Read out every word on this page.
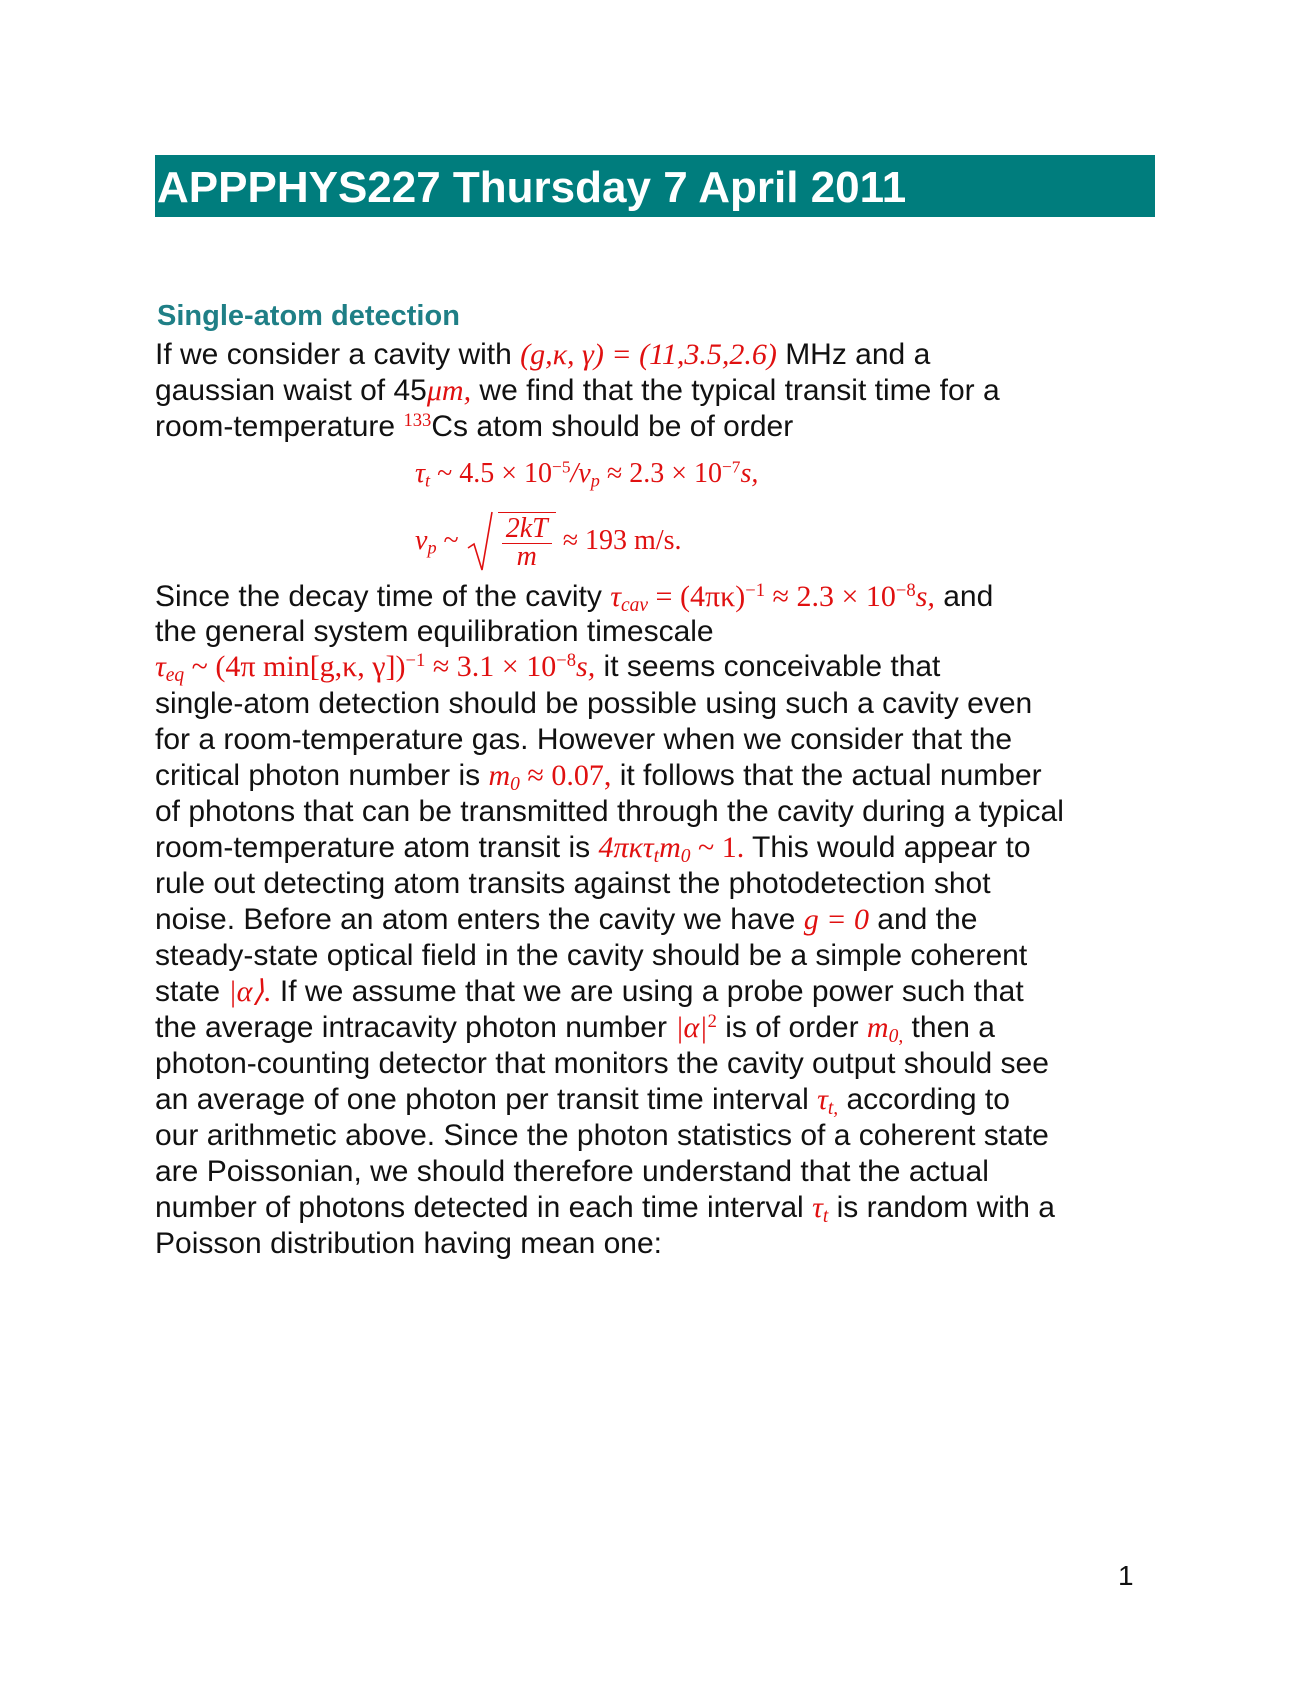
APPPHYS227 Thursday 7 April 2011
Single-atom detection
If we consider a cavity with (g,κ, γ) = (11,3.5,2.6) MHz and a
gaussian waist of 45μm, we find that the typical transit time for a
room-temperature $^{133}$Cs atom should be of order
$\tau_t$ ~ $4.5 \times 10^{-5}/v_p \approx 2.3 \times 10^{-7}s$,
$v_p$ ~ $\frac{2kT}{m} \approx 193$ m/s.
Since the decay time of the cavity $\tau_{cav} = (4\pi\kappa)^{-1} \approx 2.3 \times 10^{-8}s$, and
the general system equilibration timescale
$\tau_{eq}$ ~ (4π min[g,κ, $\gamma])^{-1} \approx 3.1 \times 10^{-8}s$, it seems conceivable that
single-atom detection should be possible using such a cavity even
for a room-temperature gas. However when we consider that the
critical photon number is $m_0 \approx 0.07$, it follows that the actual number
of photons that can be transmitted through the cavity during a typical
room-temperature atom transit is $4\pi\kappa\tau_tm_0$ ~ 1. This would appear to
rule out detecting atom transits against the photodetection shot
noise. Before an atom enters the cavity we have g = 0 and the
steady-state optical field in the cavity should be a simple coherent
state |α⟩. If we assume that we are using a probe power such that
the average intracavity photon number $|\alpha|^2$ is of order $m_{0,}$ then a
photon-counting detector that monitors the cavity output should see
an average of one photon per transit time interval $\tau_{t,}$ according to
our arithmetic above. Since the photon statistics of a coherent state
are Poissonian, we should therefore understand that the actual
number of photons detected in each time interval $\tau_t$ is random with a
Poisson distribution having mean one:
1
